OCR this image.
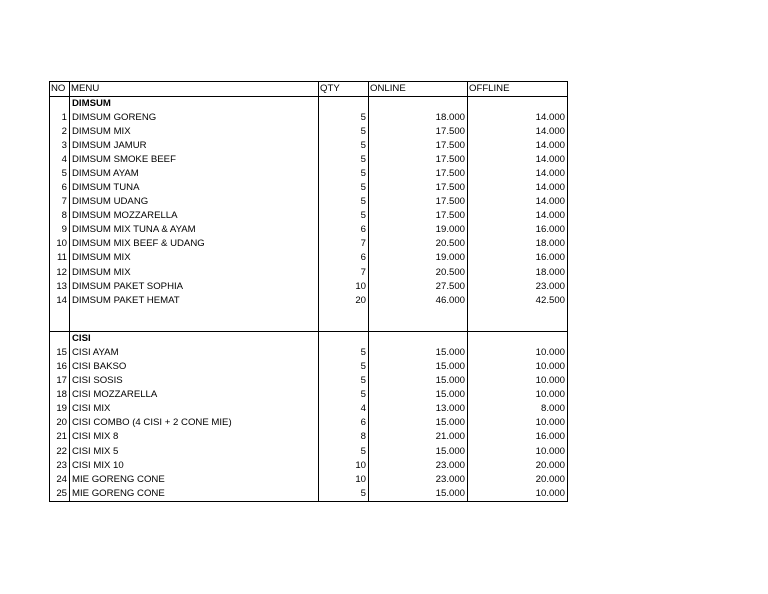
NO	MENU	QTY	ONLINE	OFFLINE
	DIMSUM			
1	DIMSUM GORENG	5	18.000	14.000
2	DIMSUM MIX	5	17.500	14.000
3	DIMSUM JAMUR	5	17.500	14.000
4	DIMSUM SMOKE BEEF	5	17.500	14.000
5	DIMSUM AYAM	5	17.500	14.000
6	DIMSUM TUNA	5	17.500	14.000
7	DIMSUM UDANG	5	17.500	14.000
8	DIMSUM MOZZARELLA	5	17.500	14.000
9	DIMSUM MIX TUNA & AYAM	6	19.000	16.000
10	DIMSUM MIX BEEF & UDANG	7	20.500	18.000
11	DIMSUM MIX	6	19.000	16.000
12	DIMSUM MIX	7	20.500	18.000
13	DIMSUM PAKET SOPHIA	10	27.500	23.000
14	DIMSUM PAKET HEMAT	20	46.000	42.500

	CISI			
15	CISI AYAM	5	15.000	10.000
16	CISI BAKSO	5	15.000	10.000
17	CISI SOSIS	5	15.000	10.000
18	CISI MOZZARELLA	5	15.000	10.000
19	CISI MIX	4	13.000	8.000
20	CISI COMBO (4 CISI + 2 CONE MIE)	6	15.000	10.000
21	CISI MIX 8	8	21.000	16.000
22	CISI MIX 5	5	15.000	10.000
23	CISI MIX 10	10	23.000	20.000
24	MIE GORENG CONE	10	23.000	20.000
25	MIE GORENG CONE	5	15.000	10.000
